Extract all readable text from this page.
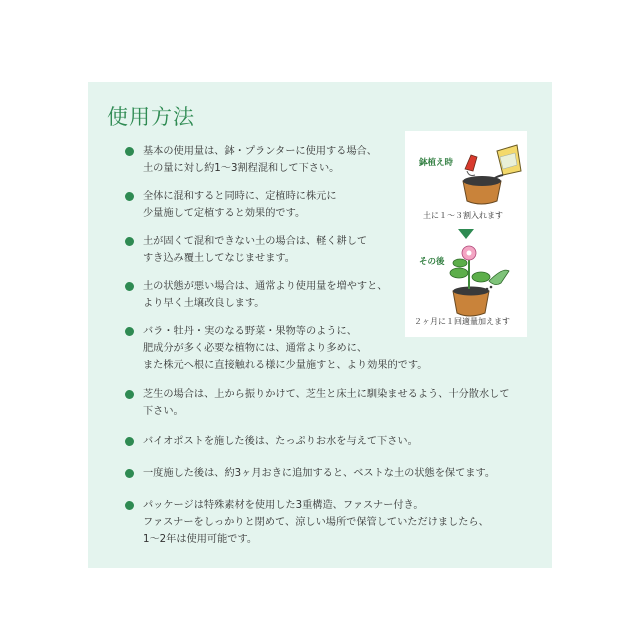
使用方法
基本の使用量は、鉢・プランターに使用する場合、
土の量に対し約1〜3割程混和して下さい。
全体に混和すると同時に、定植時に株元に
少量施して定植すると効果的です。
土が固くて混和できない土の場合は、軽く耕して
すき込み覆土してなじませます。
土の状態が悪い場合は、通常より使用量を増やすと、
より早く土壌改良します。
バラ・牡丹・実のなる野菜・果物等のように、
肥成分が多く必要な植物には、通常より多めに、
また株元へ根に直接触れる様に少量施すと、より効果的です。
芝生の場合は、上から振りかけて、芝生と床土に馴染ませるよう、十分散水して
下さい。
バイオポストを施した後は、たっぷりお水を与えて下さい。
一度施した後は、約3ヶ月おきに追加すると、ベストな土の状態を保てます。
パッケージは特殊素材を使用した3重構造、ファスナー付き。
ファスナーをしっかりと閉めて、涼しい場所で保管していただけましたら、
1〜2年は使用可能です。
鉢植え時
土に１〜３割入れます
その後
２ヶ月に１回適量加えます
